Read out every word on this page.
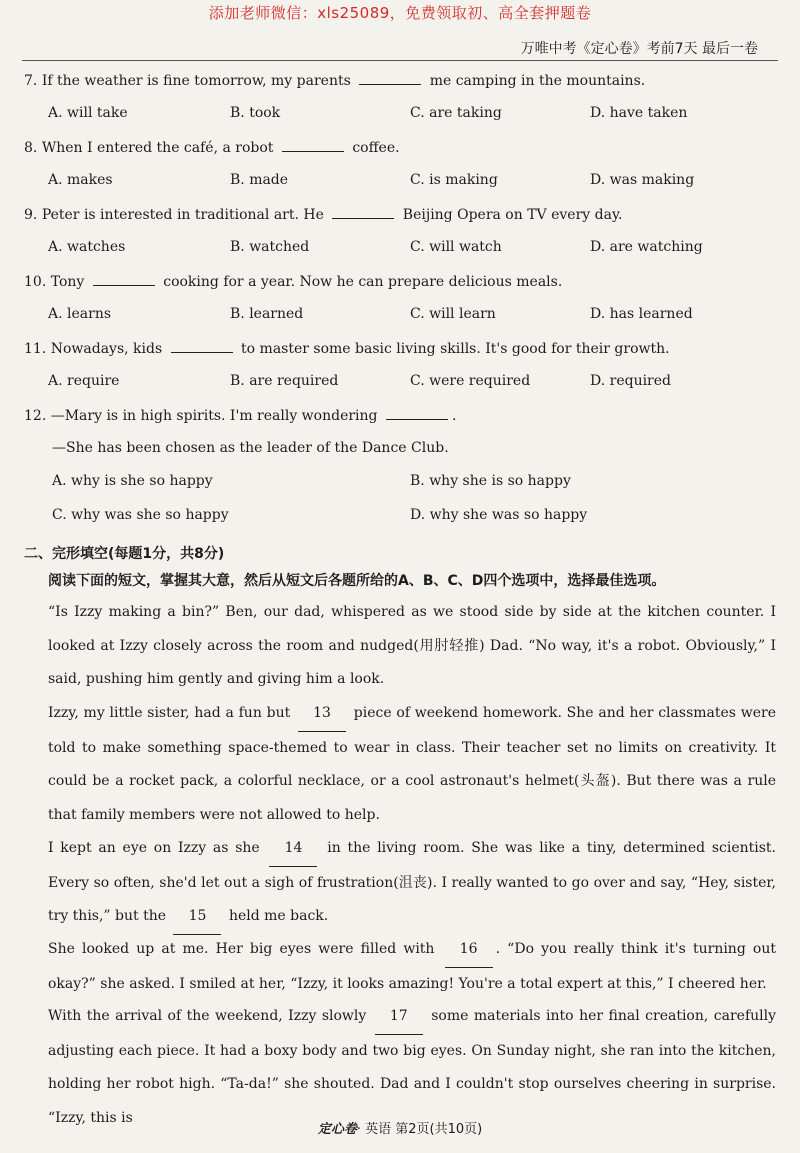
添加老师微信：xls25089，免费领取初、高全套押题卷
万唯中考《定心卷》考前7天 最后一卷
7. If the weather is fine tomorrow, my parents	me camping in the mountains.
A. will take	B. took	C. are taking	D. have taken
8. When I entered the café, a robot	coffee.
A. makes	B. made	C. is making	D. was making
9. Peter is interested in traditional art. He	Beijing Opera on TV every day.
A. watches	B. watched	C. will watch	D. are watching
10. Tony	cooking for a year. Now he can prepare delicious meals.
A. learns	B. learned	C. will learn	D. has learned
11. Nowadays, kids	to master some basic living skills. It's good for their growth.
A. require	B. are required	C. were required	D. required
12. —Mary is in high spirits. I'm really wondering	.
—She has been chosen as the leader of the Dance Club.
A. why is she so happy	B. why she is so happy
C. why was she so happy	D. why she was so happy
二、完形填空(每题1分，共8分)
阅读下面的短文，掌握其大意，然后从短文后各题所给的A、B、C、D四个选项中，选择最佳选项。
“Is Izzy making a bin?” Ben, our dad, whispered as we stood side by side at the kitchen counter. I looked at Izzy closely across the room and nudged(用肘轻推) Dad. “No way, it's a robot. Obviously,” I said, pushing him gently and giving him a look.
Izzy, my little sister, had a fun but 13 piece of weekend homework. She and her classmates were told to make something space-themed to wear in class. Their teacher set no limits on creativity. It could be a rocket pack, a colorful necklace, or a cool astronaut's helmet(头盔). But there was a rule that family members were not allowed to help.
I kept an eye on Izzy as she 14 in the living room. She was like a tiny, determined scientist. Every so often, she'd let out a sigh of frustration(沮丧). I really wanted to go over and say, “Hey, sister, try this,” but the 15 held me back.
She looked up at me. Her big eyes were filled with 16 . “Do you really think it's turning out okay?” she asked. I smiled at her, “Izzy, it looks amazing! You're a total expert at this,” I cheered her.
With the arrival of the weekend, Izzy slowly 17 some materials into her final creation, carefully adjusting each piece. It had a boxy body and two big eyes. On Sunday night, she ran into the kitchen, holding her robot high. “Ta-da!” she shouted. Dad and I couldn't stop ourselves cheering in surprise. “Izzy, this is
定心卷· 英语 第2页(共10页)
